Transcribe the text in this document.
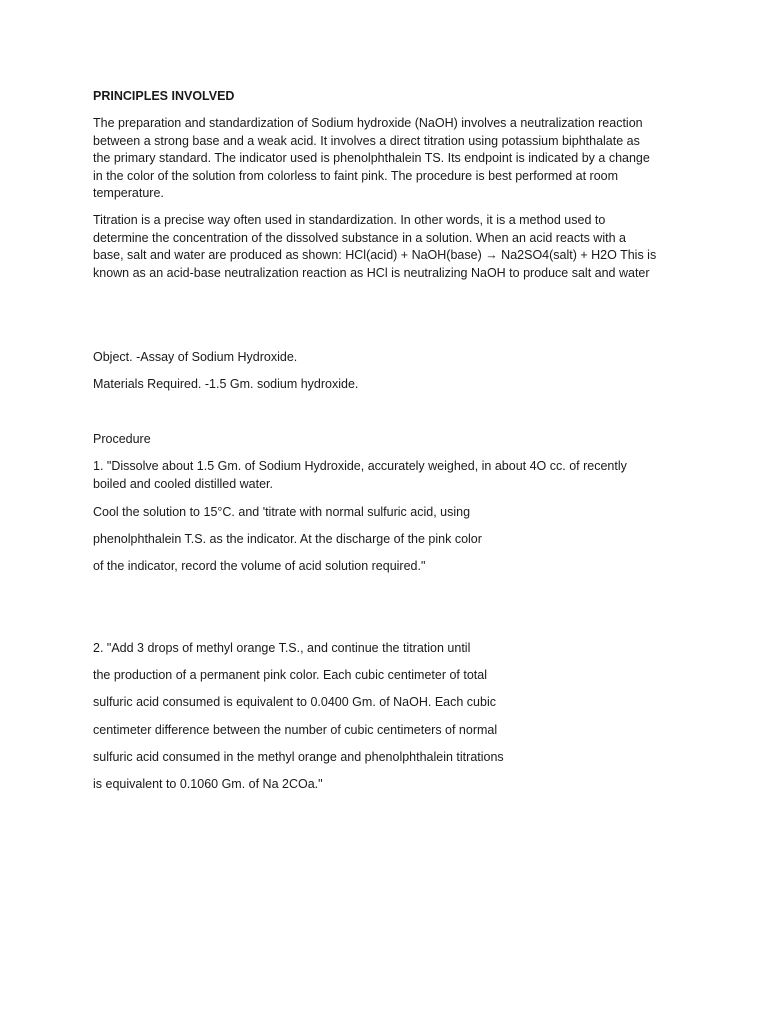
PRINCIPLES INVOLVED

The preparation and standardization of Sodium hydroxide (NaOH) involves a neutralization reaction
between a strong base and a weak acid. It involves a direct titration using potassium biphthalate as
the primary standard. The indicator used is phenolphthalein TS. Its endpoint is indicated by a change
in the color of the solution from colorless to faint pink. The procedure is best performed at room
temperature.
Titration is a precise way often used in standardization. In other words, it is a method used to
determine the concentration of the dissolved substance in a solution. When an acid reacts with a
base, salt and water are produced as shown: HCl(acid) + NaOH(base) → Na2SO4(salt) + H2O This is
known as an acid-base neutralization reaction as HCl is neutralizing NaOH to produce salt and water

Object. -Assay of Sodium Hydroxide.

Materials Required. -1.5 Gm. sodium hydroxide.

Procedure

1. "Dissolve about 1.5 Gm. of Sodium Hydroxide, accurately weighed, in about 4O cc. of recently
boiled and cooled distilled water.

Cool the solution to 15°C. and 'titrate with normal sulfuric acid, using

phenolphthalein T.S. as the indicator. At the discharge of the pink color

of the indicator, record the volume of acid solution required."

2. "Add 3 drops of methyl orange T.S., and continue the titration until

the production of a permanent pink color. Each cubic centimeter of total

sulfuric acid consumed is equivalent to 0.0400 Gm. of NaOH. Each cubic

centimeter difference between the number of cubic centimeters of normal

sulfuric acid consumed in the methyl orange and phenolphthalein titrations

is equivalent to 0.1060 Gm. of Na 2COa."
